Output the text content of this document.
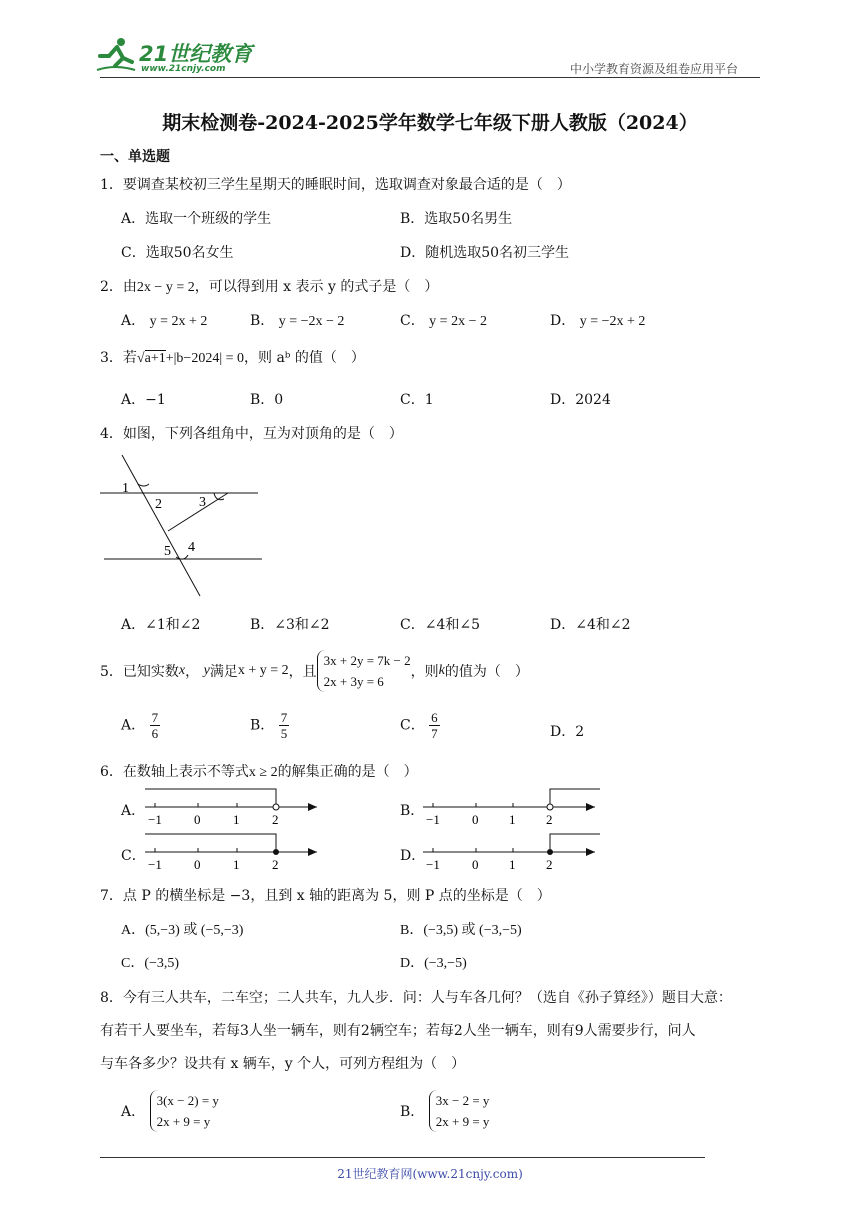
21世纪教育
www.21cnjy.com	中小学教育资源及组卷应用平台
期末检测卷-2024-2025学年数学七年级下册人教版（2024）
一、单选题
1．要调查某校初三学生星期天的睡眠时间，选取调查对象最合适的是（　）
A．选取一个班级的学生	B．选取50名男生
C．选取50名女生	D．随机选取50名初三学生
2．由2x − y = 2，可以得到用 x 表示 y 的式子是（　）
A． y = 2x + 2	B． y = −2x − 2	C． y = 2x − 2	D． y = −2x + 2
3．若√a+1+|b−2024| = 0，则 aᵇ 的值（　）
A．−1	B．0	C．1	D．2024
4．如图，下列各组角中，互为对顶角的是（　）
1
2	3
5 4
A．∠1和∠2	B．∠3和∠2	C．∠4和∠5	D．∠4和∠2
5．已知实数 x ，
y 满足 x + y = 2 ，且
3x + 2y = 7k − 2
2x + 3y = 6
，则 k 的值为（　）
A． $\frac{7}{6}$	B． $\frac{7}{5}$	C． $\frac{6}{7}$	D．2
6．在数轴上表示不等式x ≥ 2的解集正确的是（　）
A．
−1 0	1	2
B．
−1 0 1 2
C．
−1 0	1	2
D．
−1 0 1 2
7．点 P 的横坐标是 −3，且到 x 轴的距离为 5，则 P 点的坐标是（　）
A．(5,−3) 或 (−5,−3)	B．(−3,5) 或 (−3,−5)
C．(−3,5)	D．(−3,−5)
8．今有三人共车，二车空；二人共车，九人步．问：人与车各几何？（选自《孙子算经》）题目大意：
有若干人要坐车，若每3人坐一辆车，则有2辆空车；若每2人坐一辆车，则有9人需要步行，问人
与车各多少？设共有 x 辆车，y 个人，可列方程组为（　）
A．

3(x − 2) = y
2x + 9 = y
B．

3x − 2 = y
2x + 9 = y
21世纪教育网(www.21cnjy.com)
